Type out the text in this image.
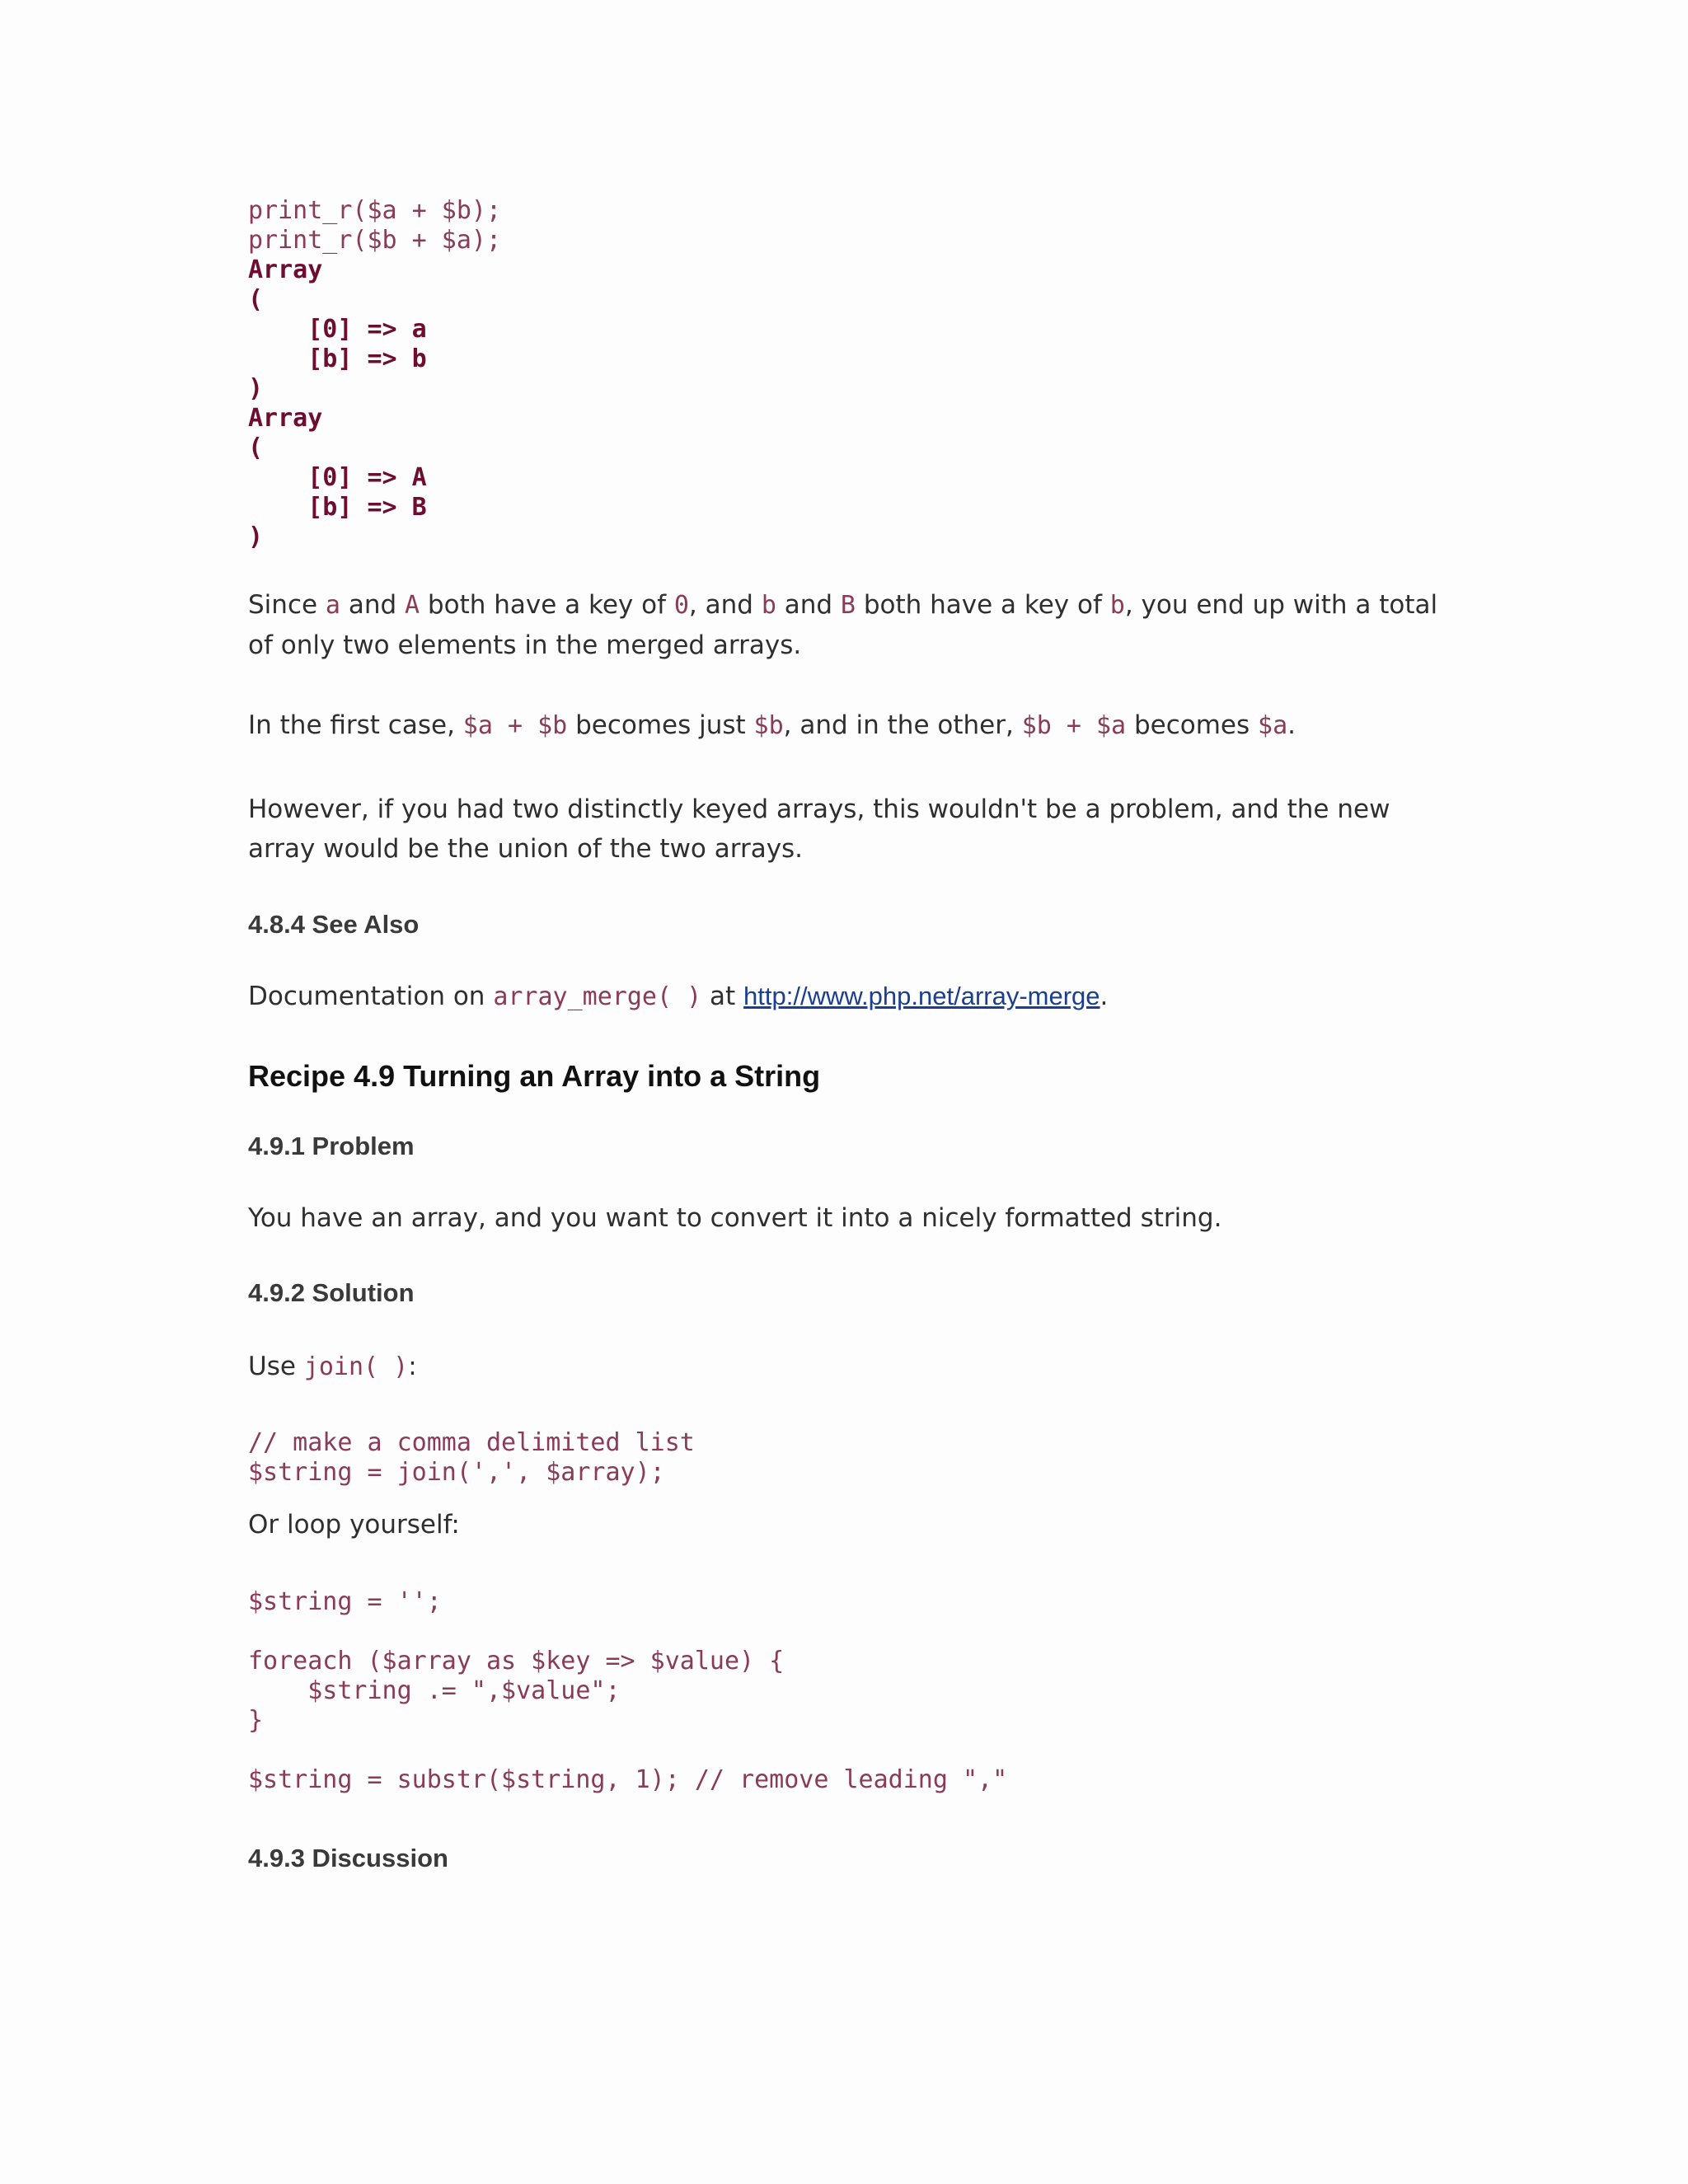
print_r($a + $b);
print_r($b + $a);
Array
(
[0] => a
[b] => b
)
Array
(
[0] => A
[b] => B
)

Since a and A both have a key of 0, and b and B both have a key of b, you end up with a total of only two elements in the merged arrays.

In the first case, $a + $b becomes just $b, and in the other, $b + $a becomes $a.

However, if you had two distinctly keyed arrays, this wouldn't be a problem, and the new array would be the union of the two arrays.

4.8.4 See Also

Documentation on array_merge( ) at http://www.php.net/array-merge.

Recipe 4.9 Turning an Array into a String
4.9.1 Problem

You have an array, and you want to convert it into a nicely formatted string.

4.9.2 Solution

Use join( ):

// make a comma delimited list
$string = join(',', $array);

Or loop yourself:

$string = '';

foreach ($array as $key => $value) {
$string .= ",$value";
}

$string = substr($string, 1); // remove leading ","
4.9.3 Discussion
